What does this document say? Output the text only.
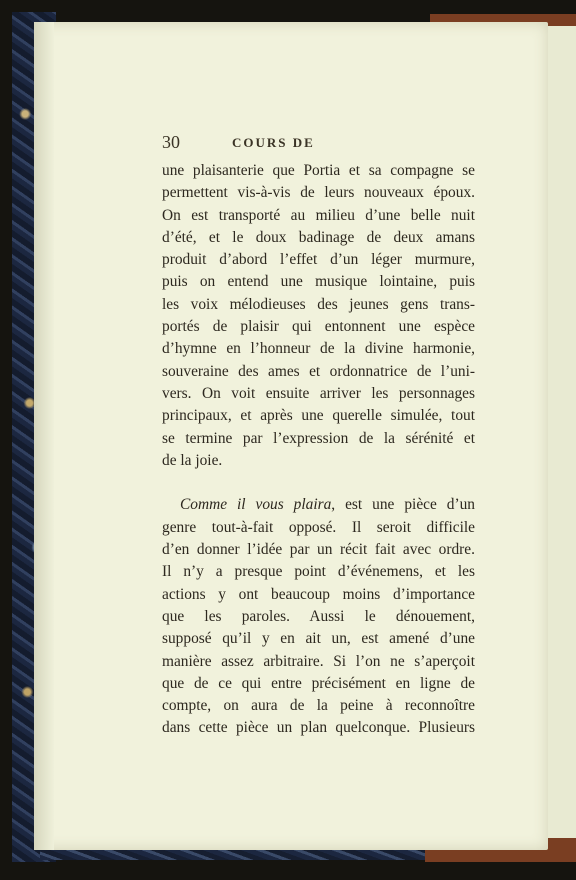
30	COURS DE
une plaisanterie que Portia et sa compagne se
permettent vis-à-vis de leurs nouveaux époux.
On est transporté au milieu d’une belle nuit
d’été, et le doux badinage de deux amans
produit d’abord l’effet d’un léger murmure,
puis on entend une musique lointaine, puis
les voix mélodieuses des jeunes gens trans-
portés de plaisir qui entonnent une espèce
d’hymne en l’honneur de la divine harmonie,
souveraine des ames et ordonnatrice de l’uni-
vers. On voit ensuite arriver les personnages
principaux, et après une querelle simulée, tout
se termine par l’expression de la sérénité et
de la joie.
Comme il vous plaira, est une pièce d’un
genre tout-à-fait opposé. Il seroit difficile
d’en donner l’idée par un récit fait avec ordre.
Il n’y a presque point d’événemens, et les
actions y ont beaucoup moins d’importance
que les paroles. Aussi le dénouement,
supposé qu’il y en ait un, est amené d’une
manière assez arbitraire. Si l’on ne s’aperçoit
que de ce qui entre précisément en ligne de
compte, on aura de la peine à reconnoître
dans cette pièce un plan quelconque. Plusieurs
